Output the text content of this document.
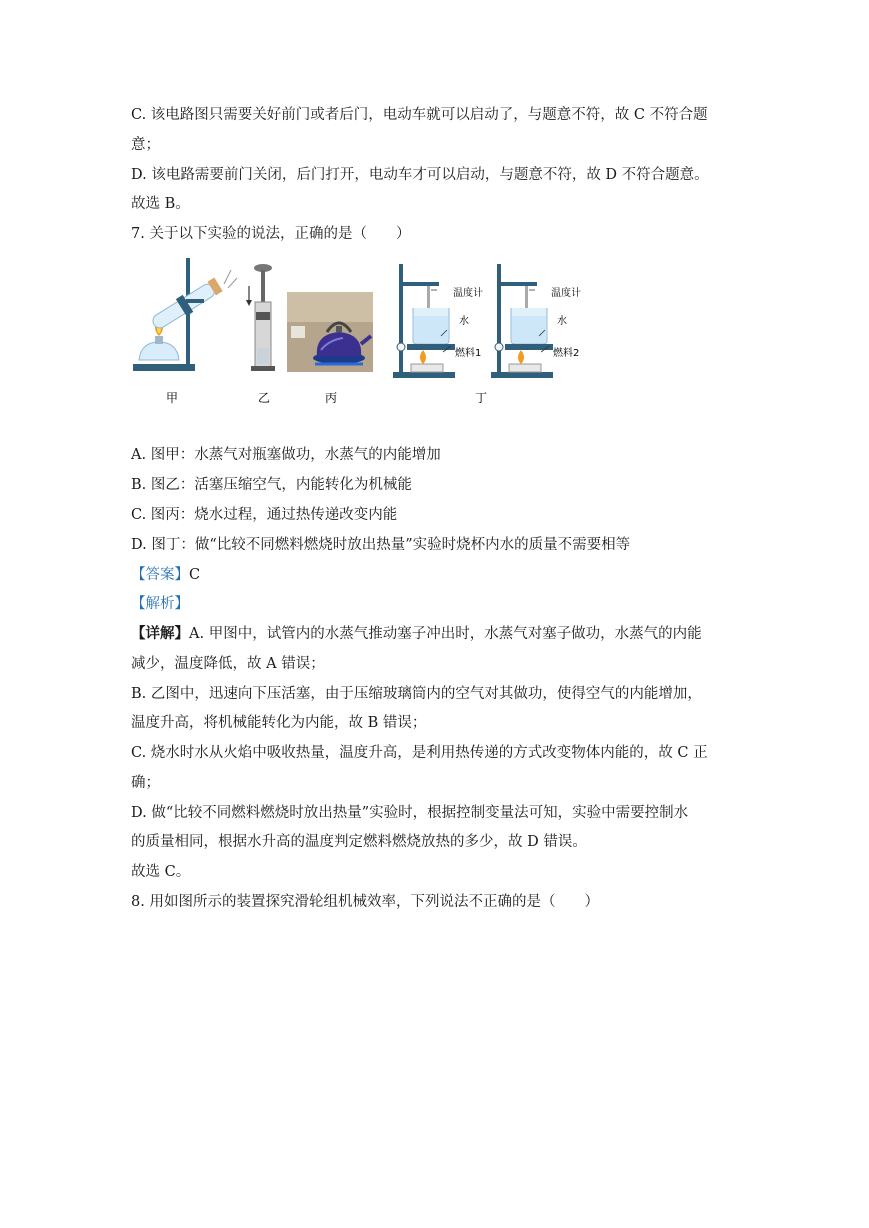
C. 该电路图只需要关好前门或者后门，电动车就可以启动了，与题意不符，故 C 不符合题
意；
D. 该电路需要前门关闭，后门打开，电动车才可以启动，与题意不符，故 D 不符合题意。
故选 B。
7. 关于以下实验的说法，正确的是（　　）
甲	乙	丙
温度计
水
燃料1
温度计
水
燃料2
丁
A. 图甲：水蒸气对瓶塞做功，水蒸气的内能增加
B. 图乙：活塞压缩空气，内能转化为机械能
C. 图丙：烧水过程，通过热传递改变内能
D. 图丁：做“比较不同燃料燃烧时放出热量”实验时烧杯内水的质量不需要相等
【答案】C
【解析】
【详解】A. 甲图中，试管内的水蒸气推动塞子冲出时，水蒸气对塞子做功，水蒸气的内能
减少，温度降低，故 A 错误；
B. 乙图中，迅速向下压活塞，由于压缩玻璃筒内的空气对其做功，使得空气的内能增加，
温度升高，将机械能转化为内能，故 B 错误；
C. 烧水时水从火焰中吸收热量，温度升高，是利用热传递的方式改变物体内能的，故 C 正
确；
D. 做“比较不同燃料燃烧时放出热量”实验时，根据控制变量法可知，实验中需要控制水
的质量相同，根据水升高的温度判定燃料燃烧放热的多少，故 D 错误。
故选 C。
8. 用如图所示的装置探究滑轮组机械效率，下列说法不正确的是（　　）
